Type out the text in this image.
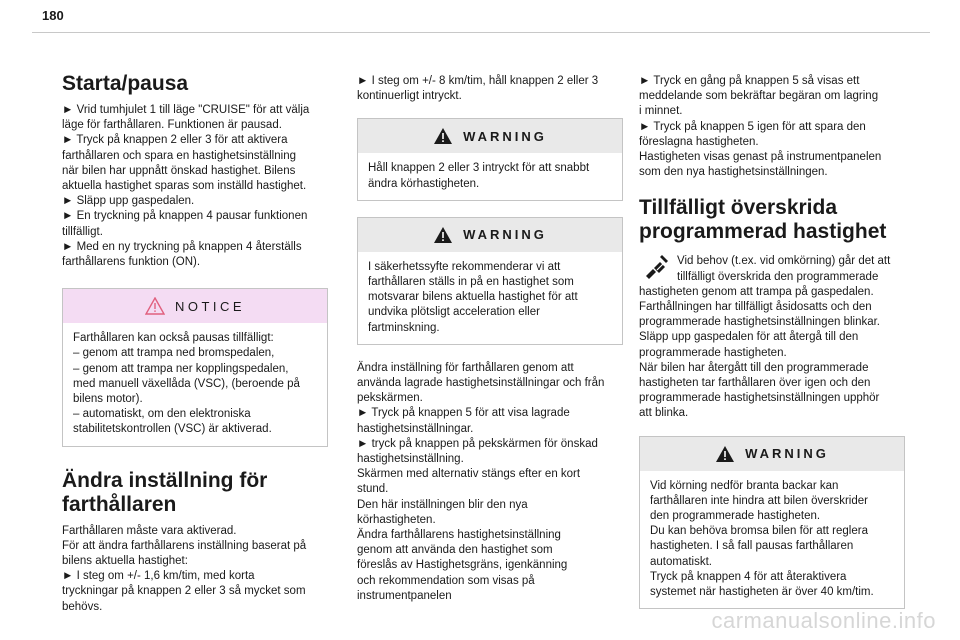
180
Starta/pausa

► Vrid tumhjulet 1 till läge "CRUISE" för att välja

läge för farthållaren. Funktionen är pausad.

► Tryck på knappen 2 eller 3 för att aktivera

farthållaren och spara en hastighetsinställning

när bilen har uppnått önskad hastighet. Bilens

aktuella hastighet sparas som inställd hastighet.

► Släpp upp gaspedalen.

► En tryckning på knappen 4 pausar funktionen

tillfälligt.

► Med en ny tryckning på knappen 4 återställs

farthållarens funktion (ON).

NOTICE

Farthållaren kan också pausas tillfälligt:

– genom att trampa ned bromspedalen,

– genom att trampa ner kopplingspedalen,

med manuell växellåda (VSC), (beroende på

bilens motor).

– automatiskt, om den elektroniska

stabilitetskontrollen (VSC) är aktiverad.

Ändra inställning för
farthållaren

Farthållaren måste vara aktiverad.

För att ändra farthållarens inställning baserat på

bilens aktuella hastighet:

► I steg om +/- 1,6 km/tim, med korta

tryckningar på knappen 2 eller 3 så mycket som

behövs.

► I steg om +/- 8 km/tim, håll knappen 2 eller 3

kontinuerligt intryckt.

WARNING

Håll knappen 2 eller 3 intryckt för att snabbt

ändra körhastigheten.

WARNING

I säkerhetssyfte rekommenderar vi att

farthållaren ställs in på en hastighet som

motsvarar bilens aktuella hastighet för att

undvika plötsligt acceleration eller

fartminskning.

Ändra inställning för farthållaren genom att

använda lagrade hastighetsinställningar och från

pekskärmen.

► Tryck på knappen 5 för att visa lagrade

hastighetsinställningar.

► tryck på knappen på pekskärmen för önskad

hastighetsinställning.

Skärmen med alternativ stängs efter en kort

stund.

Den här inställningen blir den nya

körhastigheten.

Ändra farthållarens hastighetsinställning

genom att använda den hastighet som

föreslås av Hastighetsgräns, igenkänning

och rekommendation som visas på

instrumentpanelen

► Tryck en gång på knappen 5 så visas ett

meddelande som bekräftar begäran om lagring

i minnet.

► Tryck på knappen 5 igen för att spara den

föreslagna hastigheten.

Hastigheten visas genast på instrumentpanelen

som den nya hastighetsinställningen.

Tillfälligt överskrida
programmerad hastighet

Vid behov (t.ex. vid omkörning) går det att

tillfälligt överskrida den programmerade

hastigheten genom att trampa på gaspedalen.

Farthållningen har tillfälligt åsidosatts och den

programmerade hastighetsinställningen blinkar.

Släpp upp gaspedalen för att återgå till den

programmerade hastigheten.

När bilen har återgått till den programmerade

hastigheten tar farthållaren över igen och den

programmerade hastighetsinställningen upphör

att blinka.

WARNING

Vid körning nedför branta backar kan

farthållaren inte hindra att bilen överskrider

den programmerade hastigheten.

Du kan behöva bromsa bilen för att reglera

hastigheten. I så fall pausas farthållaren

automatiskt.

Tryck på knappen 4 för att återaktivera

systemet när hastigheten är över 40 km/tim.

carmanualsonline.info
